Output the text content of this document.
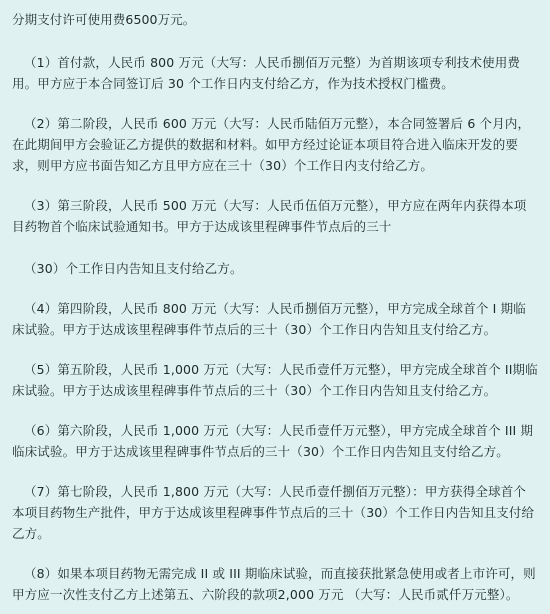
分期支付许可使用费6500万元。

（1）首付款，人民币 800 万元（大写：人民币捌佰万元整）为首期该项专利技术使用费用。甲方应于本合同签订后 30 个工作日内支付给乙方，作为技术授权门槛费。

（2）第二阶段，人民币 600 万元（大写：人民币陆佰万元整），本合同签署后 6 个月内，在此期间甲方会验证乙方提供的数据和材料。如甲方经过论证本项目符合进入临床开发的要求，则甲方应书面告知乙方且甲方应在三十（30）个工作日内支付给乙方。

（3）第三阶段，人民币 500 万元（大写：人民币伍佰万元整），甲方应在两年内获得本项目药物首个临床试验通知书。甲方于达成该里程碑事件节点后的三十

（30）个工作日内告知且支付给乙方。

（4）第四阶段，人民币 800 万元（大写：人民币捌佰万元整），甲方完成全球首个 I 期临床试验。甲方于达成该里程碑事件节点后的三十（30）个工作日内告知且支付给乙方。

（5）第五阶段，人民币 1,000 万元（大写：人民币壹仟万元整），甲方完成全球首个 II期临床试验。甲方于达成该里程碑事件节点后的三十（30）个工作日内告知且支付给乙方。

（6）第六阶段，人民币 1,000 万元（大写：人民币壹仟万元整），甲方完成全球首个 III 期临床试验。甲方于达成该里程碑事件节点后的三十（30）个工作日内告知且支付给乙方。

（7）第七阶段，人民币 1,800 万元（大写：人民币壹仟捌佰万元整）：甲方获得全球首个本项目药物生产批件，甲方于达成该里程碑事件节点后的三十（30）个工作日内告知且支付给乙方。

（8）如果本项目药物无需完成 II 或 III 期临床试验，而直接获批紧急使用或者上市许可，则甲方应一次性支付乙方上述第五、六阶段的款项2,000 万元 （大写：人民币贰仟万元整）。
